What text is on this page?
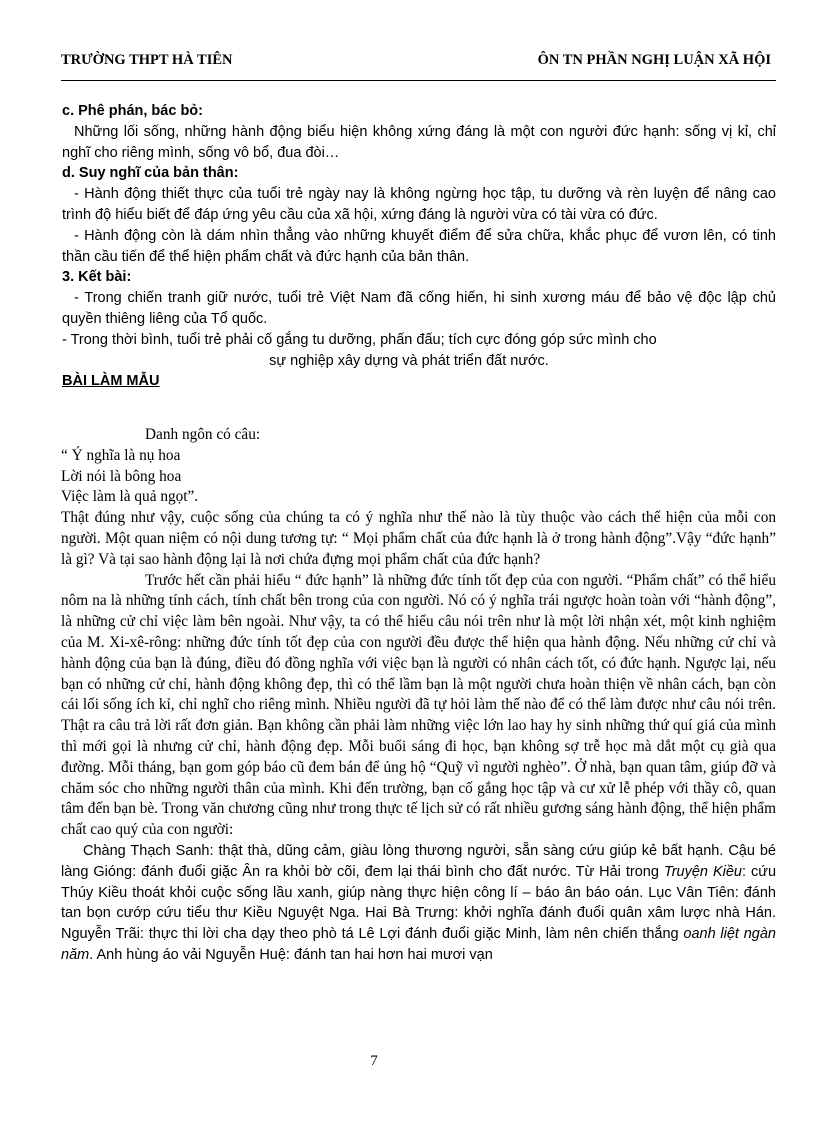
TRƯỜNG THPT HÀ TIÊN	ÔN TN PHẦN NGHỊ LUẬN XÃ HỘI

c. Phê phán, bác bỏ:

Những lối sống, những hành động biểu hiện không xứng đáng là một con người đức hạnh: sống vị kỉ, chỉ nghĩ cho riêng mình, sống vô bổ, đua đòi…

d. Suy nghĩ của bản thân:

- Hành động thiết thực của tuổi trẻ ngày nay là không ngừng học tập, tu dưỡng và rèn luyện để nâng cao trình độ hiểu biết để đáp ứng yêu cầu của xã hội, xứng đáng là người vừa có tài vừa có đức.

- Hành động còn là dám nhìn thẳng vào những khuyết điểm để sửa chữa, khắc phục để vươn lên, có tinh thần cầu tiến để thể hiện phẩm chất và đức hạnh của bản thân.

3. Kết bài:

- Trong chiến tranh giữ nước, tuổi trẻ Việt Nam đã cống hiến, hi sinh xương máu để bảo vệ độc lập chủ quyền thiêng liêng của Tổ quốc.

- Trong thời bình, tuổi trẻ phải cố gắng tu dưỡng, phấn đấu; tích cực đóng góp sức mình cho
sự nghiệp xây dựng và phát triển đất nước.

BÀI LÀM MẪU

Danh ngôn có câu:

“ Ý nghĩa là nụ hoa

Lời nói là bông hoa

Việc làm là quả ngọt”.

Thật đúng như vậy, cuộc sống của chúng ta có ý nghĩa như thế nào là tùy thuộc vào cách thể hiện của mỗi con người. Một quan niệm có nội dung tương tự: “ Mọi phẩm chất của đức hạnh là ở trong hành động”.Vậy “đức hạnh” là gì? Và tại sao hành động lại là nơi chứa đựng mọi phẩm chất của đức hạnh?

Trước hết cần phải hiểu “ đức hạnh” là những đức tính tốt đẹp của con người. “Phẩm chất” có thể hiểu nôm na là những tính cách, tính chất bên trong của con người. Nó có ý nghĩa trái ngược hoàn toàn với “hành động”, là những cử chỉ việc làm bên ngoài. Như vậy, ta có thể hiểu câu nói trên như là một lời nhận xét, một kinh nghiệm của M. Xi-xê-rông: những đức tính tốt đẹp của con người đều được thể hiện qua hành động. Nếu những cử chỉ và hành động của bạn là đúng, điều đó đồng nghĩa với việc bạn là người có nhân cách tốt, có đức hạnh. Ngược lại, nếu bạn có những cử chỉ, hành động không đẹp, thì có thể lầm bạn là một người chưa hoàn thiện về nhân cách, bạn còn cái lối sống ích kỉ, chỉ nghĩ cho riêng mình. Nhiều người đã tự hỏi làm thế nào để có thể làm được như câu nói trên. Thật ra câu trả lời rất đơn giản. Bạn không cần phải làm những việc lớn lao hay hy sinh những thứ quí giá của mình thì mới gọi là nhưng cử chỉ, hành động đẹp. Mỗi buổi sáng đi học, bạn không sợ trễ học mà dắt một cụ già qua đường. Mỗi tháng, bạn gom góp báo cũ đem bán để ủng hộ “Quỹ vì người nghèo”. Ở nhà, bạn quan tâm, giúp đỡ và chăm sóc cho những người thân của mình. Khi đến trường, bạn cố gắng học tập và cư xử lễ phép với thầy cô, quan tâm đến bạn bè. Trong văn chương cũng như trong thực tế lịch sử có rất nhiều gương sáng hành động, thể hiện phẩm chất cao quý của con người:

Chàng Thạch Sanh: thật thà, dũng cảm, giàu lòng thương người, sẵn sàng cứu giúp kẻ bất hạnh. Cậu bé làng Gióng: đánh đuổi giặc Ân ra khỏi bờ cõi, đem lại thái bình cho đất nước. Từ Hải trong Truyện Kiều: cứu Thúy Kiều thoát khỏi cuộc sống lầu xanh, giúp nàng thực hiện công lí – báo ân báo oán. Lục Vân Tiên: đánh tan bọn cướp cứu tiểu thư Kiều Nguyệt Nga. Hai Bà Trưng: khởi nghĩa đánh đuổi quân xâm lược nhà Hán. Nguyễn Trãi: thực thi lời cha dạy theo phò tá Lê Lợi đánh đuổi giặc Minh, làm nên chiến thắng oanh liệt ngàn năm. Anh hùng áo vải Nguyễn Huệ: đánh tan hai hơn hai mươi vạn

7
